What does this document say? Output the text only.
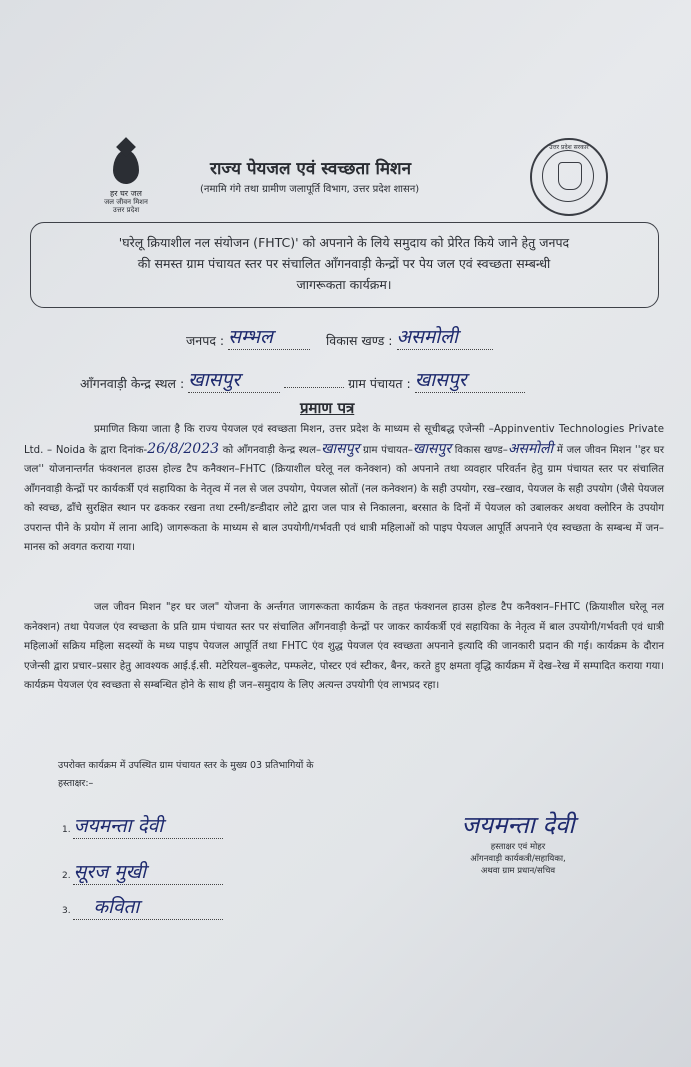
हर घर जल
जल जीवन मिशन
उत्तर प्रदेश
उत्तर प्रदेश सरकार
राज्य पेयजल एवं स्वच्छता मिशन
(नमामि गंगे तथा ग्रामीण जलापूर्ति विभाग, उत्तर प्रदेश शासन)
'घरेलू क्रियाशील नल संयोजन (FHTC)' को अपनाने के लिये समुदाय को प्रेरित किये जाने हेतु जनपद
की समस्त ग्राम पंचायत स्तर पर संचालित आँगनवाड़ी केन्द्रों पर पेय जल एवं स्वच्छता सम्बन्धी
जागरूकता कार्यक्रम।
जनपद : सम्भल	विकास खण्ड : असमोली
आँगनवाड़ी केन्द्र स्थल : खासपुर	ग्राम पंचायत : खासपुर
प्रमाण पत्र
प्रमाणित किया जाता है कि राज्य पेयजल एवं स्वच्छता मिशन, उत्तर प्रदेश के माध्यम से सूचीबद्ध एजेन्सी –Appinventiv Technologies Private Ltd. – Noida के द्वारा दिनांक-26/8/2023 को आँगनवाड़ी केन्द्र स्थल–खासपुर ग्राम पंचायत–खासपुर विकास खण्ड–असमोली में जल जीवन मिशन ''हर घर जल'' योजनान्तर्गत फंक्शनल हाउस होल्ड टैप कनैक्शन–FHTC (क्रियाशील घरेलू नल कनेक्शन) को अपनाने तथा व्यवहार परिवर्तन हेतु ग्राम पंचायत स्तर पर संचालित आँगनवाड़ी केन्द्रों पर कार्यकर्त्री एवं सहायिका के नेतृत्व में नल से जल उपयोग, पेयजल स्रोतों (नल कनेक्शन) के सही उपयोग, रख–रखाव, पेयजल के सही उपयोग (जैसे पेयजल को स्वच्छ, ढाँचे सुरक्षित स्थान पर ढककर रखना तथा टस्नी/डन्डीदार लोटे द्वारा जल पात्र से निकालना, बरसात के दिनों में पेयजल को उबालकर अथवा क्लोरिन के उपयोग उपरान्त पीने के प्रयोग में लाना आदि) जागरूकता के माध्यम से बाल उपयोगी/गर्भवती एवं धात्री महिलाओं को पाइप पेयजल आपूर्ति अपनाने एंव स्वच्छता के सम्बन्ध में जन–मानस को अवगत कराया गया।
जल जीवन मिशन "हर घर जल" योजना के अर्न्तगत जागरूकता कार्यक्रम के तहत फंक्शनल हाउस होल्ड टैप कनैक्शन–FHTC (क्रियाशील घरेलू नल कनेक्शन) तथा पेयजल एंव स्वच्छता के प्रति ग्राम पंचायत स्तर पर संचालित आँगनवाड़ी केन्द्रों पर जाकर कार्यकर्त्री एवं सहायिका के नेतृत्व में बाल उपयोगी/गर्भवती एवं धात्री महिलाओं सक्रिय महिला सदस्यों के मध्य पाइप पेयजल आपूर्ति तथा FHTC एंव शुद्ध पेयजल एंव स्वच्छता अपनाने इत्यादि की जानकारी प्रदान की गई। कार्यक्रम के दौरान एजेन्सी द्वारा प्रचार–प्रसार हेतु आवश्यक आई.ई.सी. मटेरियल–बुकलेट, पम्फलेट, पोस्टर एवं स्टीकर, बैनर, करते हुए क्षमता वृद्धि कार्यक्रम में देख–रेख में सम्पादित कराया गया। कार्यक्रम पेयजल एंव स्वच्छता से सम्बन्धित होने के साथ ही जन–समुदाय के लिए अत्यन्त उपयोगी एंव लाभप्रद रहा।
उपरोक्त कार्यक्रम में उपस्थित ग्राम पंचायत स्तर के मुख्य 03 प्रतिभागियों के
हस्ताक्षर:–
1. जयमन्ता देवी
2. सूरज मुखी
3. कविता
जयमन्ता देवी
हस्ताक्षर एवं मोहर
आँगनवाड़ी कार्यकत्री/सहायिका,
अथवा ग्राम प्रधान/सचिव
